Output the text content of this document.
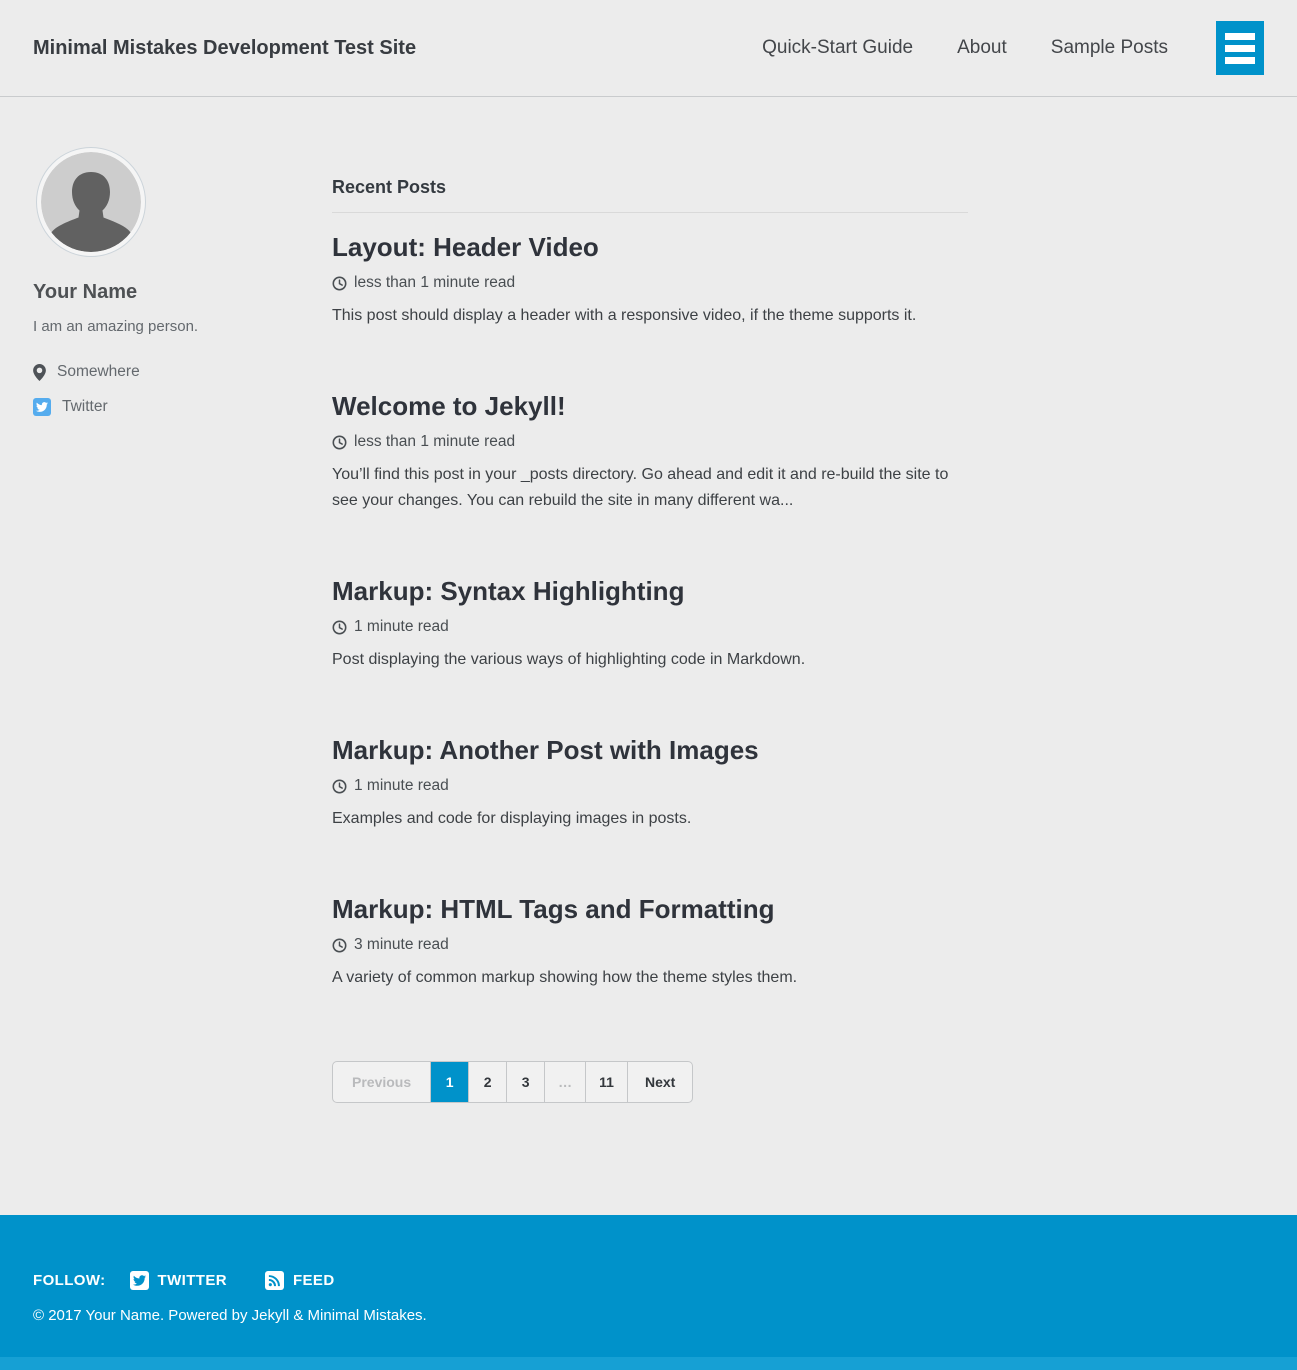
Minimal Mistakes Development Test Site	Quick-Start Guide About Sample Posts
Your Name

I am an amazing person.

Somewhere
Twitter
Recent Posts
Layout: Header Video
less than 1 minute read

This post should display a header with a responsive video, if the theme supports it.

Welcome to Jekyll!
less than 1 minute read

You’ll find this post in your _posts directory. Go ahead and edit it and re-build the site to see your changes. You can rebuild the site in many different wa...

Markup: Syntax Highlighting
1 minute read

Post displaying the various ways of highlighting code in Markdown.

Markup: Another Post with Images
1 minute read

Examples and code for displaying images in posts.

Markup: HTML Tags and Formatting
3 minute read

A variety of common markup showing how the theme styles them.

Previous	1	2	3	…	11	Next
FOLLOW:	TWITTER	FEED
© 2017 Your Name. Powered by Jekyll & Minimal Mistakes.
